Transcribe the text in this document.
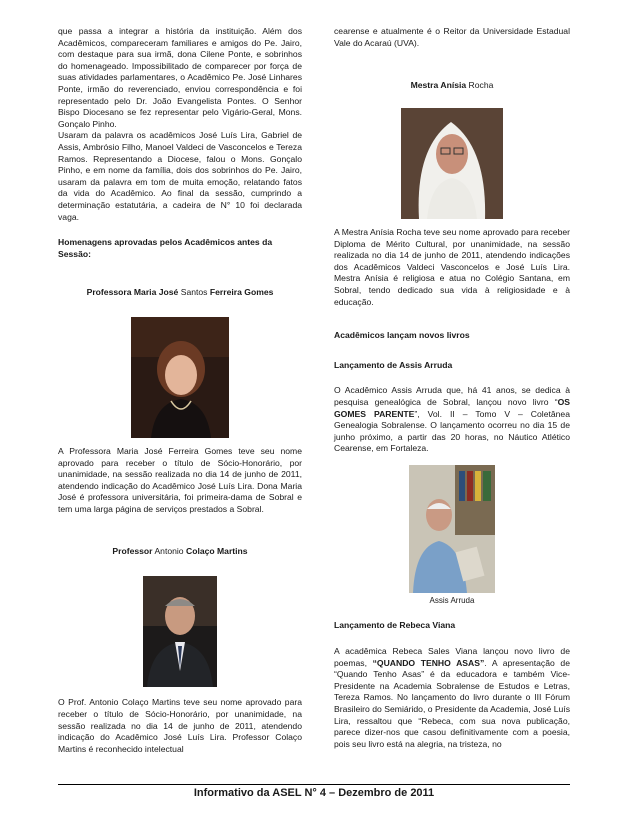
que passa a integrar a história da instituição. Além dos Acadêmicos, compareceram familiares e amigos do Pe. Jairo, com destaque para sua irmã, dona Cilene Ponte, e sobrinhos do homenageado. Impossibilitado de comparecer por força de suas atividades parlamentares, o Acadêmico Pe. José Linhares Ponte, irmão do reverenciado, enviou correspondência e foi representado pelo Dr. João Evangelista Pontes. O Senhor Bispo Diocesano se fez representar pelo Vigário-Geral, Mons. Gonçalo Pinho.

Usaram da palavra os acadêmicos José Luís Lira, Gabriel de Assis, Ambrósio Filho, Manoel Valdeci de Vasconcelos e Tereza Ramos. Representando a Diocese, falou o Mons. Gonçalo Pinho, e em nome da família, dois dos sobrinhos do Pe. Jairo, usaram da palavra em tom de muita emoção, relatando fatos da vida do Acadêmico. Ao final da sessão, cumprindo a determinação estatutária, a cadeira de N° 10 foi declarada vaga.

Homenagens aprovadas pelos Acadêmicos antes da Sessão:

Professora Maria José Santos Ferreira Gomes

A Professora Maria José Ferreira Gomes teve seu nome aprovado para receber o título de Sócio-Honorário, por unanimidade, na sessão realizada no dia 14 de junho de 2011, atendendo indicação do Acadêmico José Luís Lira. Dona Maria José é professora universitária, foi primeira-dama de Sobral e tem uma larga página de serviços prestados a Sobral.

Professor Antonio Colaço Martins

O Prof. Antonio Colaço Martins teve seu nome aprovado para receber o título de Sócio-Honorário, por unanimidade, na sessão realizada no dia 14 de junho de 2011, atendendo indicação do Acadêmico José Luís Lira. Professor Colaço Martins é reconhecido intelectual

cearense e atualmente é o Reitor da Universidade Estadual Vale do Acaraú (UVA).

Mestra Anísia Rocha

A Mestra Anísia Rocha teve seu nome aprovado para receber Diploma de Mérito Cultural, por unanimidade, na sessão realizada no dia 14 de junho de 2011, atendendo indicações dos Acadêmicos Valdeci Vasconcelos e José Luís Lira. Mestra Anísia é religiosa e atua no Colégio Santana, em Sobral, tendo dedicado sua vida à religiosidade e à educação.

Acadêmicos lançam novos livros

Lançamento de Assis Arruda

O Acadêmico Assis Arruda que, há 41 anos, se dedica à pesquisa genealógica de Sobral, lançou novo livro “OS GOMES PARENTE”, Vol. II – Tomo V – Coletânea Genealogia Sobralense. O lançamento ocorreu no dia 15 de junho próximo, a partir das 20 horas, no Náutico Atlético Cearense, em Fortaleza.

Assis Arruda

Lançamento de Rebeca Viana

A acadêmica Rebeca Sales Viana lançou novo livro de poemas, “QUANDO TENHO ASAS”. A apresentação de “Quando Tenho Asas” é da educadora e também Vice-Presidente na Academia Sobralense de Estudos e Letras, Tereza Ramos. No lançamento do livro durante o III Fórum Brasileiro do Semiárido, o Presidente da Academia, José Luís Lira, ressaltou que “Rebeca, com sua nova publicação, parece dizer-nos que casou definitivamente com a poesia, pois seu livro está na alegria, na tristeza, no

Informativo da ASEL N° 4 – Dezembro de 2011
